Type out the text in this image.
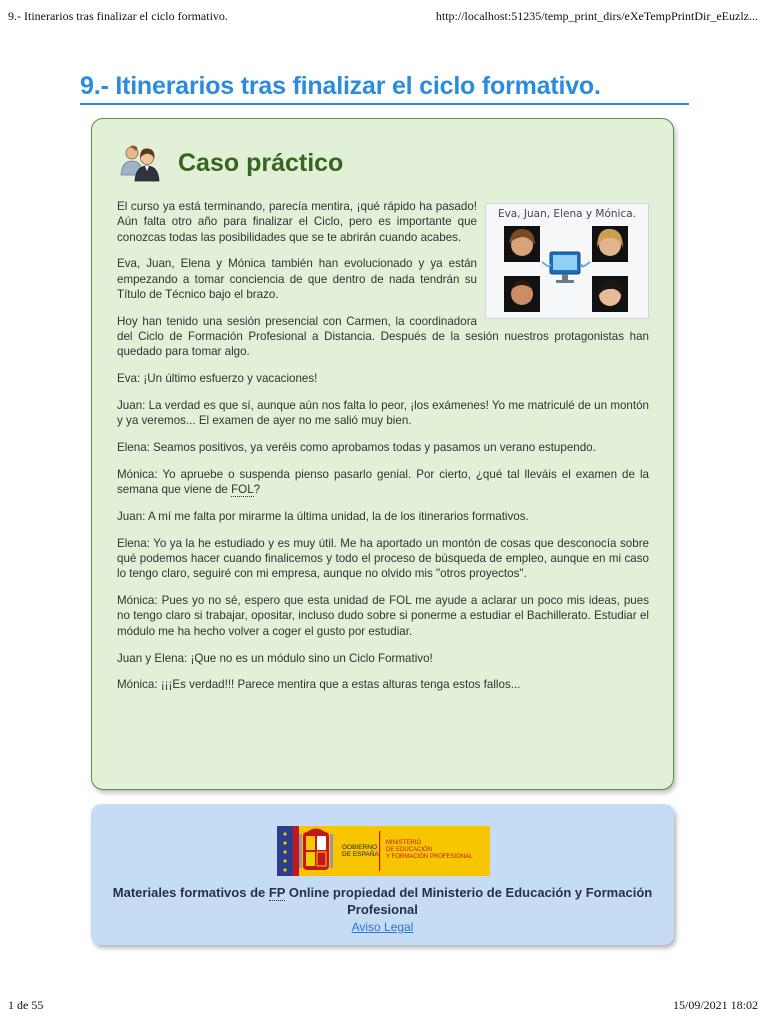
9.- Itinerarios tras finalizar el ciclo formativo.	http://localhost:51235/temp_print_dirs/eXeTempPrintDir_eEuzlz...
9.- Itinerarios tras finalizar el ciclo formativo.
Caso práctico
Eva, Juan, Elena y Mónica.

El curso ya está terminando, parecía mentira, ¡qué rápido ha pasado! Aún falta otro año para finalizar el Ciclo, pero es importante que conozcas todas las posibilidades que se te abrirán cuando acabes.

Eva, Juan, Elena y Mónica también han evolucionado y ya están empezando a tomar conciencia de que dentro de nada tendrán su Título de Técnico bajo el brazo.

Hoy han tenido una sesión presencial con Carmen, la coordinadora del Ciclo de Formación Profesional a Distancia. Después de la sesión nuestros protagonistas han quedado para tomar algo.

Eva: ¡Un último esfuerzo y vacaciones!

Juan: La verdad es que sí, aunque aún nos falta lo peor, ¡los exámenes! Yo me matriculé de un montón y ya veremos... El examen de ayer no me salió muy bien.

Elena: Seamos positivos, ya veréis como aprobamos todas y pasamos un verano estupendo.

Mónica: Yo apruebe o suspenda pienso pasarlo genial. Por cierto, ¿qué tal lleváis el examen de la semana que viene de FOL?

Juan: A mí me falta por mirarme la última unidad, la de los itinerarios formativos.

Elena: Yo ya la he estudiado y es muy útil. Me ha aportado un montón de cosas que desconocía sobre qué podemos hacer cuando finalicemos y todo el proceso de búsqueda de empleo, aunque en mi caso lo tengo claro, seguiré con mi empresa, aunque no olvido mis "otros proyectos".

Mónica: Pues yo no sé, espero que esta unidad de FOL me ayude a aclarar un poco mis ideas, pues no tengo claro si trabajar, opositar, incluso dudo sobre si ponerme a estudiar el Bachillerato. Estudiar el módulo me ha hecho volver a coger el gusto por estudiar.

Juan y Elena: ¡Que no es un módulo sino un Ciclo Formativo!

Mónica: ¡¡¡Es verdad!!! Parece mentira que a estas alturas tenga estos fallos...

GOBIERNO
DE ESPAÑA
MINISTERIO
DE EDUCACIÓN
Y FORMACIÓN PROFESIONAL
Materiales formativos de FP Online propiedad del Ministerio de Educación y Formación Profesional
Aviso Legal
1 de 55	15/09/2021 18:02
